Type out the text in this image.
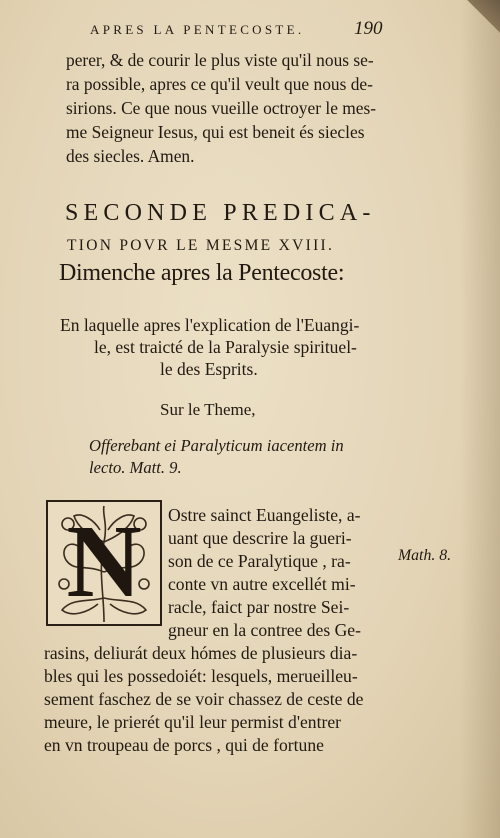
APRES LA PENTECOSTE.	190
perer, & de courir le plus viste qu'il nous se-
ra possible, apres ce qu'il veult que nous de-
sirions. Ce que nous vueille octroyer le mes-
me Seigneur Iesus, qui est beneit és siecles
des siecles. Amen.
SECONDE PREDICA-
TION POVR LE MESME XVIII.
Dimenche apres la Pentecoste:
En laquelle apres l'explication de l'Euangi-
le, est traicté de la Paralysie spirituel-
le des Esprits.
Sur le Theme,
Offerebant ei Paralyticum iacentem in
lecto. Matt. 9.
N	Ostre sainct Euangeliste, a-
uant que descrire la gueri-
son de ce Paralytique , ra-
conte vn autre excellét mi-
racle, faict par nostre Sei-
gneur en la contree des Ge-
rasins, deliurát deux hómes de plusieurs dia-
bles qui les possedoiét: lesquels, merueilleu-
sement faschez de se voir chassez de ceste de
meure, le prierét qu'il leur permist d'entrer
en vn troupeau de porcs , qui de fortune
Math. 8.
